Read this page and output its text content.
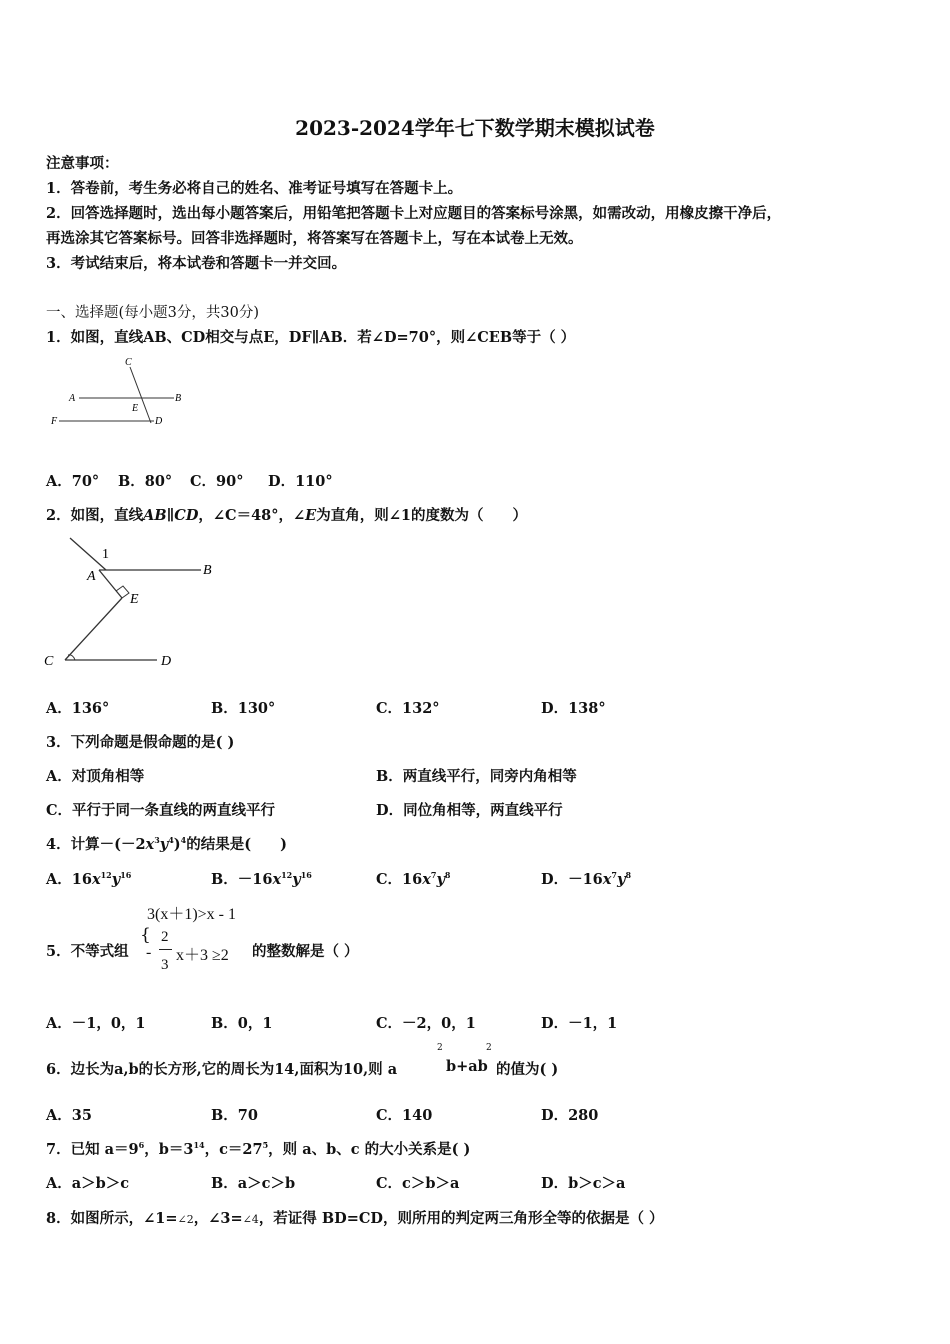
2023-2024学年七下数学期末模拟试卷
注意事项：
1．答卷前，考生务必将自己的姓名、准考证号填写在答题卡上。
2．回答选择题时，选出每小题答案后，用铅笔把答题卡上对应题目的答案标号涂黑，如需改动，用橡皮擦干净后，
再选涂其它答案标号。回答非选择题时，将答案写在答题卡上，写在本试卷上无效。
3．考试结束后，将本试卷和答题卡一并交回。
一、选择题(每小题3分，共30分)
1．如图，直线AB、CD相交与点E，DF∥AB．若∠D=70°，则∠CEB等于（ ）
C
A
E
B
F	D
A．70° B．80° C．90° D．110°
2．如图，直线AB∥CD，∠C＝48°，∠E为直角，则∠1的度数为（　　）
1
A	B
E
C	D
A．136°	B．130°	C．132°	D．138°
3．下列命题是假命题的是( )
A．对顶角相等	B．两直线平行，同旁内角相等
C．平行于同一条直线的两直线平行	D．同位角相等，两直线平行
4．计算$-(-2x^3y^4)^4$的结果是(　　)
A．$16x^{12}y^{16}$	B．$-16x^{12}y^{16}$	C．$16x^7y^8$	D．$-16x^7y^8$
5．不等式组
{
3(x＋1)>x - 1
-
2
3
x＋3 ≥2 的整数解是（ ）
A．－1，0，1	B．0，1	C．－2，0，1	D．－1，1
6．边长为a,b的长方形,它的周长为14,面积为10,则 a
2
b+ab
2
的值为( )
A．35	B．70	C．140	D．280
7．已知 $a=9^6$，$b=3^{14}$，$c=27^5$，则 a、b、c 的大小关系是( )
A．a＞b＞c	B．a＞c＞b	C．c＞b＞a	D．b＞c＞a
8．如图所示，∠1=∠2，∠3=∠4，若证得 BD=CD，则所用的判定两三角形全等的依据是（ ）
